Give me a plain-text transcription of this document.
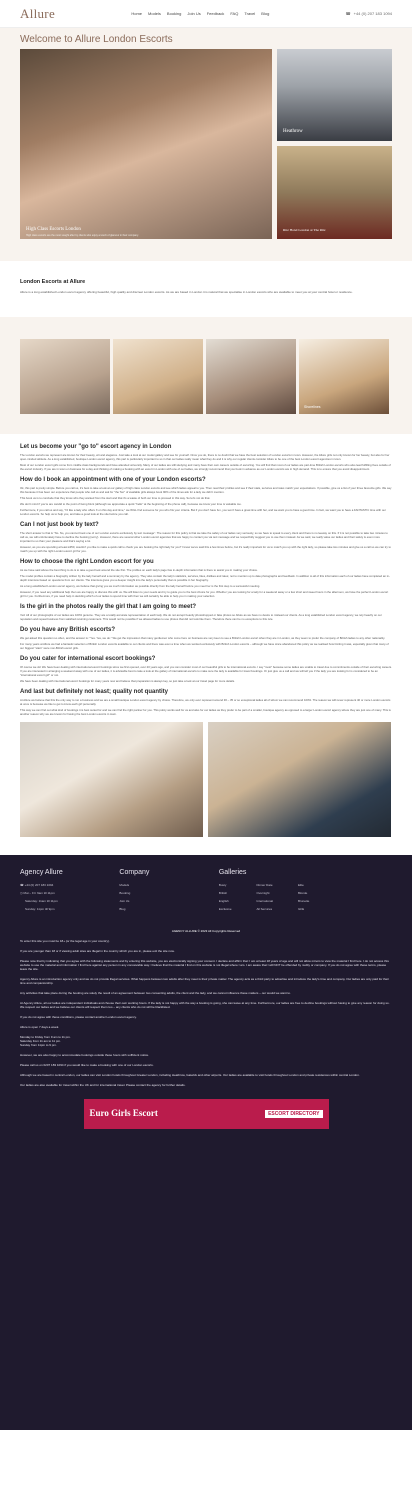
Allure	Home Models Booking Join Us Feedback FAQ Travel Blog	☎ +44 (0) 207 183 1094
Welcome to Allure London Escorts
High Class Escorts London
High class escorts are the most sought after by clients who enjoy a touch of glamour in their company.
Heathrow
Ritz Hotel London at The Ritz
London Escorts at Allure

Allure is a long established London escort agency offering beautiful, high quality and discreet London escorts. As we are based in London it is natural that we specialise in London escorts who are available to meet you at your central hotel or residence.

Shorelines
Let us become your "go to" escort agency in London

The London escorts we represent are known for their beauty, wit and elegance. Just take a look at our model gallery and see for yourself. Once you do, there is no doubt that we have the best selection of London escorts in town. However, the Allure girls not only known for her beauty, but also for her open-minded attitude. As a long established, boutique London escort agency, this part is particularly important to us in that our ladies really mean what they do and it is why our regular clients consider Allure to be one of the best London escort agencies in town.

Most of our London escort girls come from middle class backgrounds and have attended university. Many of our ladies are still studying and many have their own careers outside of escorting. You will find that most of our ladies are part-time British London escorts who also lead fulfilling lives outside of the escort industry. If you are in town on business for a day and thinking of making a booking with an escort in London with one of our ladies, we strongly recommend that you book in advance as our London escorts are in high demand. This is to ensure that you avoid disappointment.

How do I book an appointment with one of your London escorts?

Ok, this part is pretty simple. Before you call us, it's best to take a look at our gallery of high class London escorts and see which ladies appeal to you. Then read their profiles and see if their stats, services and rates match your expectations. If possible, give us a list of your three favourite girls. We say this because it has been our experience that people who call us and ask for "the Ten" of available girls always book 90% of the times ask for a lady we didn't mention.

This book us is to conclude that they know who they wanted from the start and that it's a waste of both our time to proceed in this way. So let's not do that.

We don't mind if you're are candid to the point of being blunt (although we appreciate a quick "hello" at the beginning of the phone call), because we know your time is valuable too.

Furthermore, if you call us and say, "I'd like a lady who offers X on this day and time," we WILL find someone for you who fits your criteria. But if you don't have fun, you won't have a great time with her, and we want you to have a good time. In fact, we want you to have a FANTASTIC time with our London escorts. So help us to help you, and take a good look at the site before you call.

Can I not just book by text?

The short answer to that is "No. No, you cannot book one of our London escorts exclusively by text message". The reason for this policy is that we take the safety of our ladies very seriously, so we have to speak to every client and there is no leeway on this. If it is not possible to take two minutes to call us, we will unfortunately have to decline the booking (sorry). However, there are several other London escort agencies that are happy to contact you via text message and we respectfully suggest you to use them instead. As we said, we really value our ladies and their safety is even more important to us than your pleasure and that's saying a lot.

However, as you are spending at least £350, wouldn't you like to make a quick call to check you are booking the right lady for you? I know we've said this a few times before, but it's really important for us to match you up with the right lady, so please take two minutes and give us a call so we can try to match you up with the right London escort girl for you.

How to choose the right London escort for you

As we have said above the best thing to do is to take a good look around the site first. The profiles on each lady's page has in-depth information that is there to assist you in making your choice.

The model profiles contain a biography written by the lady herself and a summary by the agency. They also contain the lady's statistics, services, likes, dislikes and rates; not to mention up to date photographs and feedback. In addition to all of this information each of our ladies have completed an in-depth interview based on questions from our clients. The interview gives you a deeper insight into the lady's personality than is possible in her biography.

As a long established London escort agency, we believe that giving you as much information as possible directly from the lady herself before you meet her is the first step to a successful meeting.

However, if you need any additional help then we are happy to discuss this with us. We will listen to your needs and try to guide you to the best choice for you. Whether you are looking for a lady for a weekend away or a few short and sweet hours in the afternoon, we have the perfect London escort girl for you. Furthermore, if you need help in deciding which of our ladies to spend time with then we will certainly be able to help you in making your selection.

Is the girl in the photos really the girl that I am going to meet?

Yes! All of our photographs of our ladies are 100% genuine. They are a totally accurate representation of each lady. We do not accept heavily photoshopped or fake photos so Allure as we have no desire to mislead our clients. As a long established London escort agency, we rely heavily on our reputation and repeat business from satisfied returning customers. This would not be possible if we allowed ladies to use photos that did not look like them. Therefore there can be no exceptions to this rule.

Do you have any British escorts?

We get asked this question so often, and the answer is: "Yes. Yes, we do." We get the impression that many gentlemen who come here on business are very keen to see a British London escort when they are in London, as they seem to prefer the company of British ladies to any other nationality.

For many years at Allure we had a fantastic selection of British London escorts available to our clients and there was even a time when we worked exclusively with British London escorts – although we have since abandoned this policy as we realised how limiting it was, especially given that many of our biggest "stars" were non-British escort girls.

Do you cater for international escort bookings?

Of course we do! We have been dealing with international escort bookings since we first opened, over 20 years ago, and you can consider most of our beautiful girls to be international escorts. I say "most" because some ladies are unable to travel due to commitments outside of their escorting careers. If you are interested in arranging a weekend away with one of our ladies, it is advisable best to take a look at the gallery of international escorts to make sure the lady is available for travel bookings. Or just give us a call and we will tell you if the lady you are looking for is considered to be an "international escort girl" or not.

We have been dealing with international escort bookings for many years now and believe that preparation is always key, so just take a look at our travel page for more details.

And last but definitely not least; quality not quantity

At Allure we believe that this the only way to run a business and we are a small boutique London escort agency by choice. Therefore, we only ever represent around 30 – 35 or so exceptional ladies all of whom we can recommend 100%. The reason we will never represent 40 or more London escorts at once is because we like to get to know each girl personally.

This way we can find out what kind of bookings it is best suited for and we can find the right partner for you. This policy works well for us and also for our ladies as they prefer to be part of a smaller, boutique agency as opposed to a larger London escort agency where they are just one of many. This is another reason why we are known for having the best London escorts in town.

Agency Allure
☎ +44 (0) 207 183 1094
◷ Mon - Fri: 9am till 11pm
Saturday: 11am till 11pm
Sunday: 11pm till 9pm
Company
Models
Booking
Join Us
Blog
Galleries
Busty
British
English
Exclusive
Dinner Date
Overnight
International
All Services
Elite
Blonde
Brunette
GFE
AGENCY ALLURE © 2023 All Copyrights Reserved

To enter this site you must be 18+ (or the legal age in your country).

If you are younger than 18 or if viewing adult sites are illegal in the country which you are in, please exit the site now.

Please note that by indicating that you agree with the following statements and by entering this website, you are electronically signing your consent. I declare and affirm that: I am at least 18 years of age and will not allow minors to view the material I find here. I do not access this website to use the material and information I find here against any person in any conceivable way. I believe that the material I find on this website is not illegal where I am. I am aware that I will NOT be offended by nudity or company. If you do not agree with these terms, please leave the site.

Agency Allure is an introduction agency only and we do not provide illegal services. What happens between two adults after they meet is their private matter. The agency acts as a third party to advertise and introduce the lady's time and company. Our ladies are only paid for their time and companionship.

Any activities that take place during the booking are solely the result of an agreement between two consenting adults, the client and the lady, and we cannot influence these matters – our would we want to.

At Agency Allure, all our ladies are independent individuals and choose their own working hours. If the lady is not happy with the way a booking is going, she can leave at any time. Furthermore, our ladies are free to decline bookings without having to give any reason for doing so. We respect our ladies and we believe our clients will respect them too – any clients who do not will be blacklisted.

If you do not agree with these conditions, please contact another London escort agency.

Allure is open 7 days a week.

Monday to Friday from 9 am to 11 pm.
Saturday from 11 am to 11 pm.
Sunday from 11pm to 9 pm.

However, we are also happy to accommodate bookings outside these hours with sufficient notice.

Please call us on 0207 183 1094 if you would like to make a booking with one of our London escorts.

Although we are based in central London, our ladies can visit London hotels throughout Greater London, including Heathrow, Gatwick and other airports. Our ladies are available to visit hotels throughout London and private residences within central London.

Our ladies are also available for travel within the UK and for international travel. Please contact the agency for further details.

Euro Girls Escort	ESCORT DIRECTORY
